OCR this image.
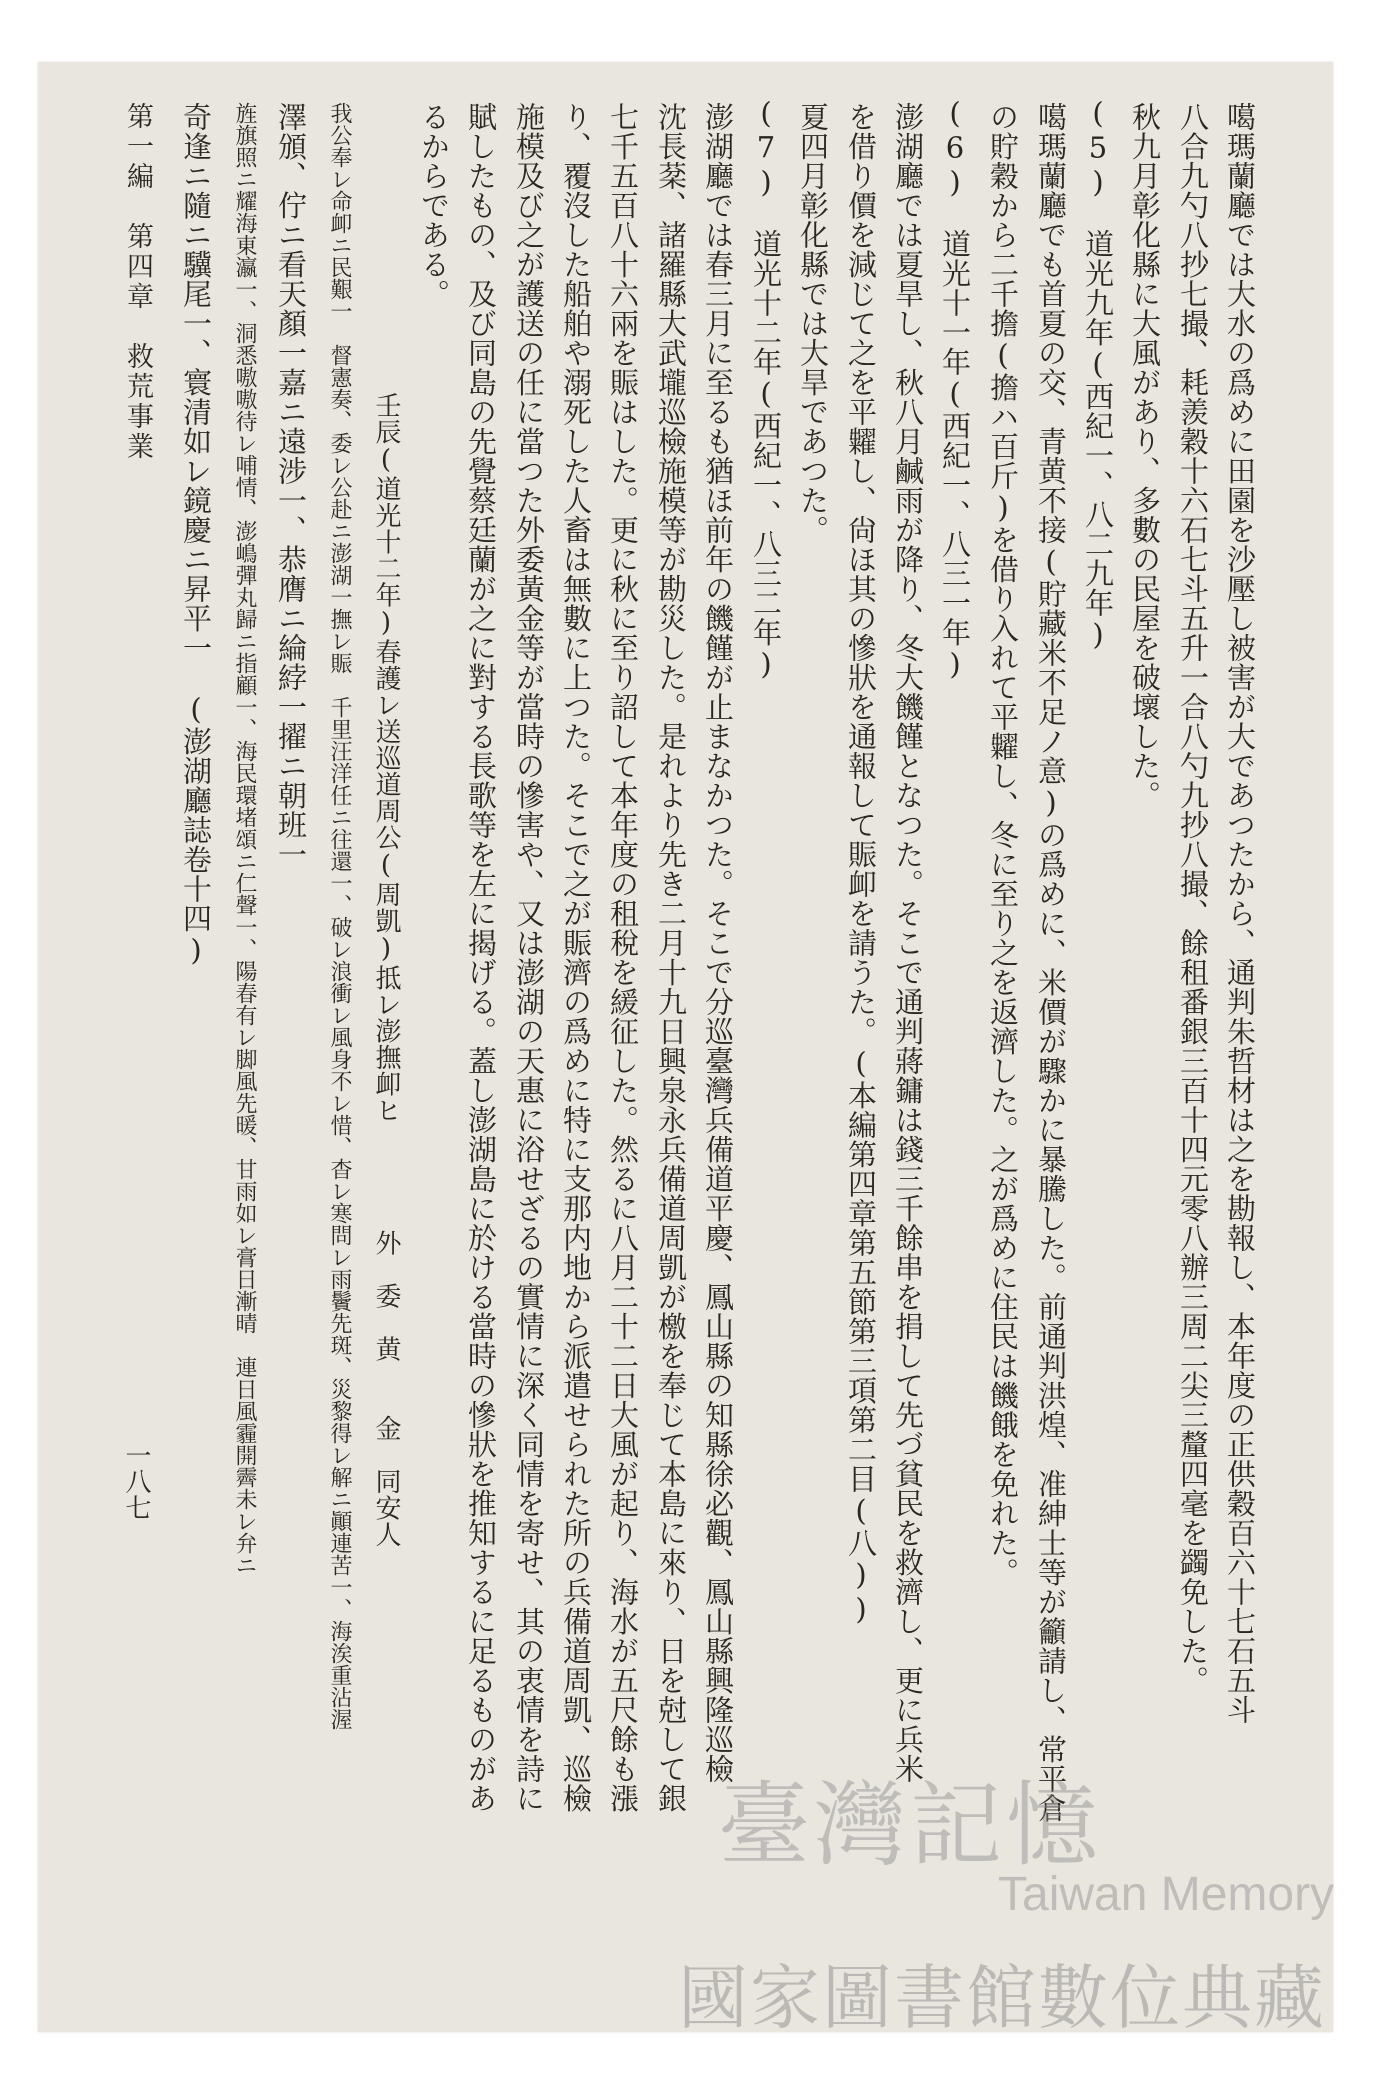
噶瑪蘭廳では大水の爲めに田園を沙壓し被害が大であつたから、通判朱哲材は之を勘報し、本年度の正供穀百六十七石五斗
八合九勺八抄七撮、耗羨穀十六石七斗五升一合八勺九抄八撮、餘租番銀三百十四元零八辦三周二尖三釐四毫を蠲免した。
秋九月彰化縣に大風があり、多數の民屋を破壞した。
(5)　道光九年(西紀一、八二九年)
噶瑪蘭廳でも首夏の交、青黄不接(貯藏米不足ノ意)の爲めに、米價が驟かに暴騰した。前通判洪煌、准紳士等が籲請し、常平倉
の貯穀から二千擔(擔ハ百斤)を借り入れて平糶し、冬に至り之を返濟した。之が爲めに住民は饑餓を免れた。
(6)　道光十一年(西紀一、八三一年)
澎湖廳では夏旱し、秋八月鹹雨が降り、冬大饑饉となつた。そこで通判蔣鏞は錢三千餘串を捐して先づ貧民を救濟し、更に兵米
を借り價を減じて之を平糶し、尙ほ其の慘狀を通報して賑卹を請うた。(本編第四章第五節第三項第二目(八))
夏四月彰化縣では大旱であつた。
(7)　道光十二年(西紀一、八三二年)
澎湖廳では春三月に至るも猶ほ前年の饑饉が止まなかつた。そこで分巡臺灣兵備道平慶、鳳山縣の知縣徐必觀、鳳山縣興隆巡檢
沈長棻、諸羅縣大武壠巡檢施模等が勘災した。是れより先き二月十九日興泉永兵備道周凱が檄を奉じて本島に來り、日を尅して銀
七千五百八十六兩を賑はした。更に秋に至り詔して本年度の租稅を緩征した。然るに八月二十二日大風が起り、海水が五尺餘も漲
り、覆沒した船舶や溺死した人畜は無數に上つた。そこで之が賑濟の爲めに特に支那内地から派遣せられた所の兵備道周凱、巡檢
施模及び之が護送の任に當つた外委黃金等が當時の慘害や、又は澎湖の天惠に浴せざるの實情に深く同情を寄せ、其の衷情を詩に
賦したもの、及び同島の先覺蔡廷蘭が之に對する長歌等を左に揭げる。蓋し澎湖島に於ける當時の慘狀を推知するに足るものがあ
るからである。
壬辰(道光十二年)春護レ送巡道周公(周凱)抵レ澎撫卹ヒ　　　　外　委　黄　　金　同安人
我公奉レ命卹ニ民艱一　督憲奏、委レ公赴ニ澎湖一撫レ賑　千里汪洋任ニ往還一、破レ浪衝レ風身不レ惜、杳レ寒問レ雨鬢先斑、災黎得レ解ニ顚連苦一、海涘重沾渥
澤頒、佇ニ看天顏一嘉ニ遠涉一、恭膺ニ綸綍一擢ニ朝班一
旌旗照ニ耀海東瀛一、洞悉嗷嗷待レ哺情、澎嶋彈丸歸ニ指顧一、海民環堵頌ニ仁聲一、陽春有レ脚風先暖、甘雨如レ膏日漸晴　連日風霾開霽未レ弁ニ
奇逢ニ隨ニ驥尾一、寰清如レ鏡慶ニ昇平一　(澎湖廳誌卷十四)
第一編　第四章　救荒事業
一八七
臺灣記憶
Taiwan Memory
國家圖書館數位典藏
